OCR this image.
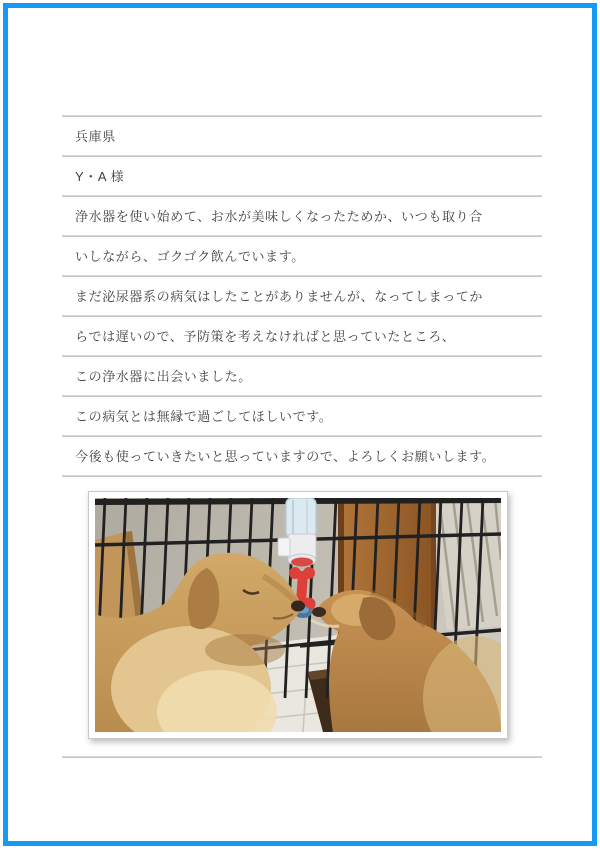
兵庫県

Y・A 様

浄水器を使い始めて、お水が美味しくなったためか、いつも取り合

いしながら、ゴクゴク飲んでいます。

まだ泌尿器系の病気はしたことがありませんが、なってしまってか

らでは遅いので、予防策を考えなければと思っていたところ、

この浄水器に出会いました。

この病気とは無縁で過ごしてほしいです。

今後も使っていきたいと思っていますので、よろしくお願いします。
